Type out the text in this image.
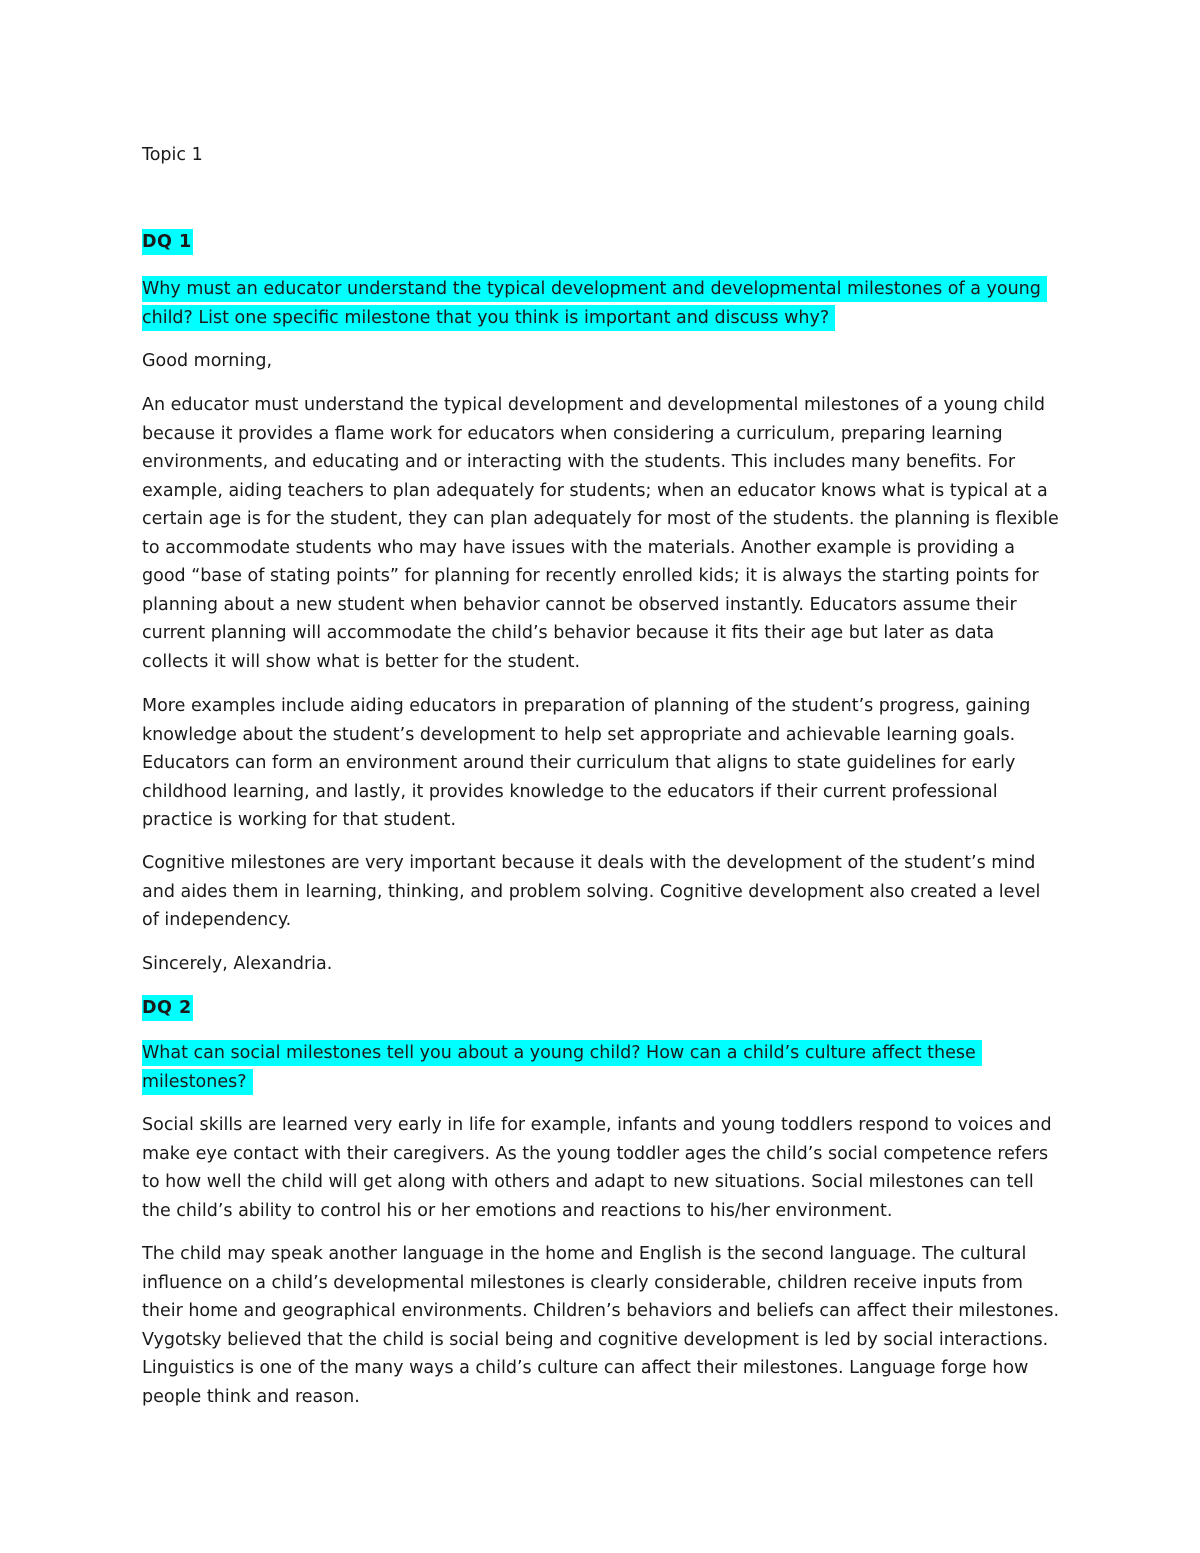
Topic 1

DQ 1

Why must an educator understand the typical development and developmental milestones of a young child? List one specific milestone that you think is important and discuss why?

Good morning,

An educator must understand the typical development and developmental milestones of a young child because it provides a flame work for educators when considering a curriculum, preparing learning environments, and educating and or interacting with the students. This includes many benefits. For example, aiding teachers to plan adequately for students; when an educator knows what is typical at a certain age is for the student, they can plan adequately for most of the students. the planning is flexible to accommodate students who may have issues with the materials. Another example is providing a good “base of stating points” for planning for recently enrolled kids; it is always the starting points for planning about a new student when behavior cannot be observed instantly. Educators assume their current planning will accommodate the child’s behavior because it fits their age but later as data collects it will show what is better for the student.

More examples include aiding educators in preparation of planning of the student’s progress, gaining knowledge about the student’s development to help set appropriate and achievable learning goals. Educators can form an environment around their curriculum that aligns to state guidelines for early childhood learning, and lastly, it provides knowledge to the educators if their current professional practice is working for that student.

Cognitive milestones are very important because it deals with the development of the student’s mind and aides them in learning, thinking, and problem solving. Cognitive development also created a level of independency.

Sincerely, Alexandria.

DQ 2

What can social milestones tell you about a young child? How can a child’s culture affect these milestones?

Social skills are learned very early in life for example, infants and young toddlers respond to voices and make eye contact with their caregivers. As the young toddler ages the child’s social competence refers to how well the child will get along with others and adapt to new situations. Social milestones can tell the child’s ability to control his or her emotions and reactions to his/her environment.

The child may speak another language in the home and English is the second language. The cultural influence on a child’s developmental milestones is clearly considerable, children receive inputs from their home and geographical environments. Children’s behaviors and beliefs can affect their milestones. Vygotsky believed that the child is social being and cognitive development is led by social interactions. Linguistics is one of the many ways a child’s culture can affect their milestones. Language forge how people think and reason.
